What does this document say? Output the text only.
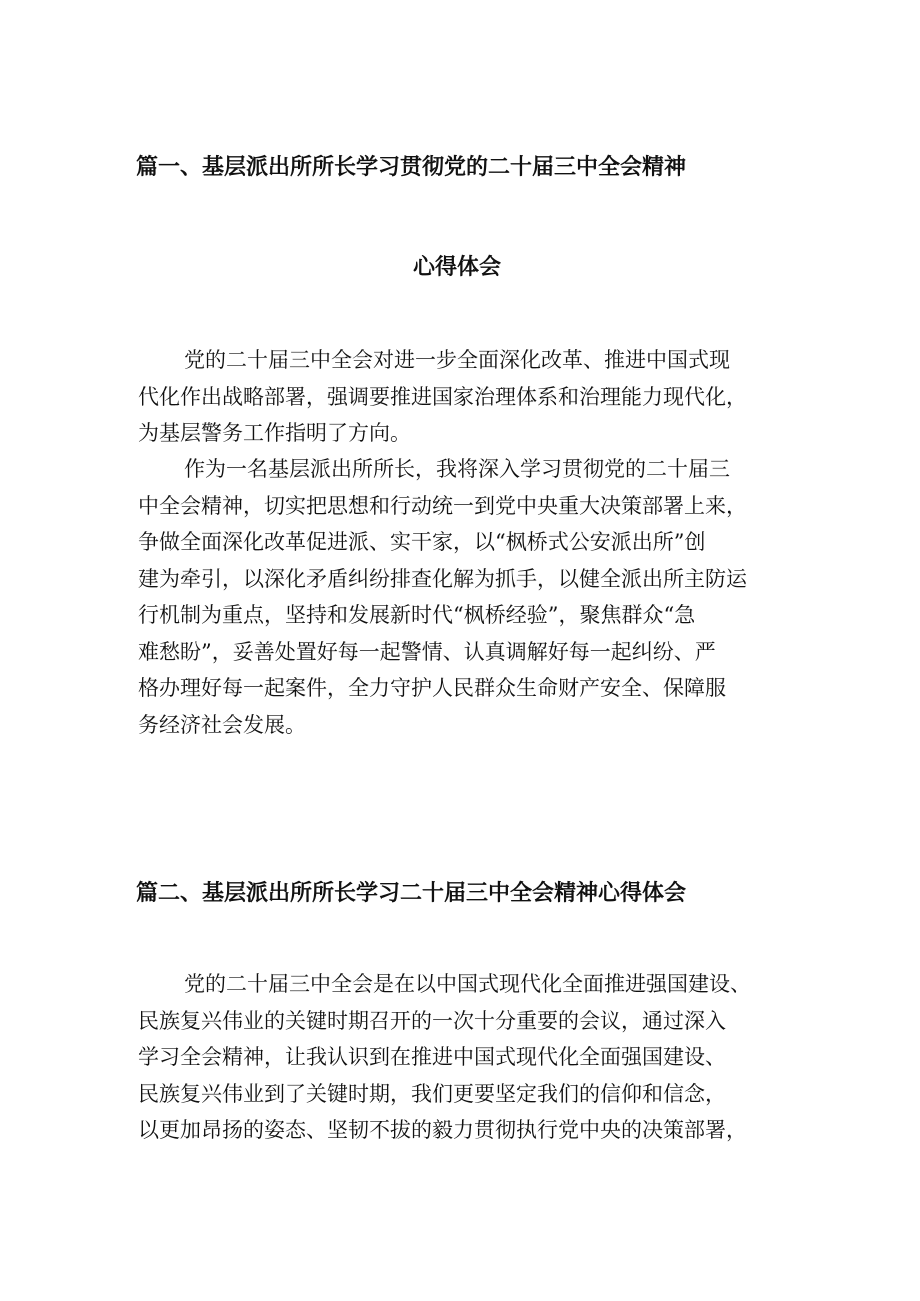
篇一、基层派出所所长学习贯彻党的二十届三中全会精神
心得体会
党的二十届三中全会对进一步全面深化改革、推进中国式现
代化作出战略部署，强调要推进国家治理体系和治理能力现代化，
为基层警务工作指明了方向。
作为一名基层派出所所长，我将深入学习贯彻党的二十届三
中全会精神，切实把思想和行动统一到党中央重大决策部署上来，
争做全面深化改革促进派、实干家，以“枫桥式公安派出所”创
建为牵引，以深化矛盾纠纷排查化解为抓手，以健全派出所主防运
行机制为重点，坚持和发展新时代“枫桥经验”，聚焦群众“急
难愁盼”，妥善处置好每一起警情、认真调解好每一起纠纷、严
格办理好每一起案件，全力守护人民群众生命财产安全、保障服
务经济社会发展。
篇二、基层派出所所长学习二十届三中全会精神心得体会
党的二十届三中全会是在以中国式现代化全面推进强国建设、
民族复兴伟业的关键时期召开的一次十分重要的会议，通过深入
学习全会精神，让我认识到在推进中国式现代化全面强国建设、
民族复兴伟业到了关键时期，我们更要坚定我们的信仰和信念，
以更加昂扬的姿态、坚韧不拔的毅力贯彻执行党中央的决策部署，
